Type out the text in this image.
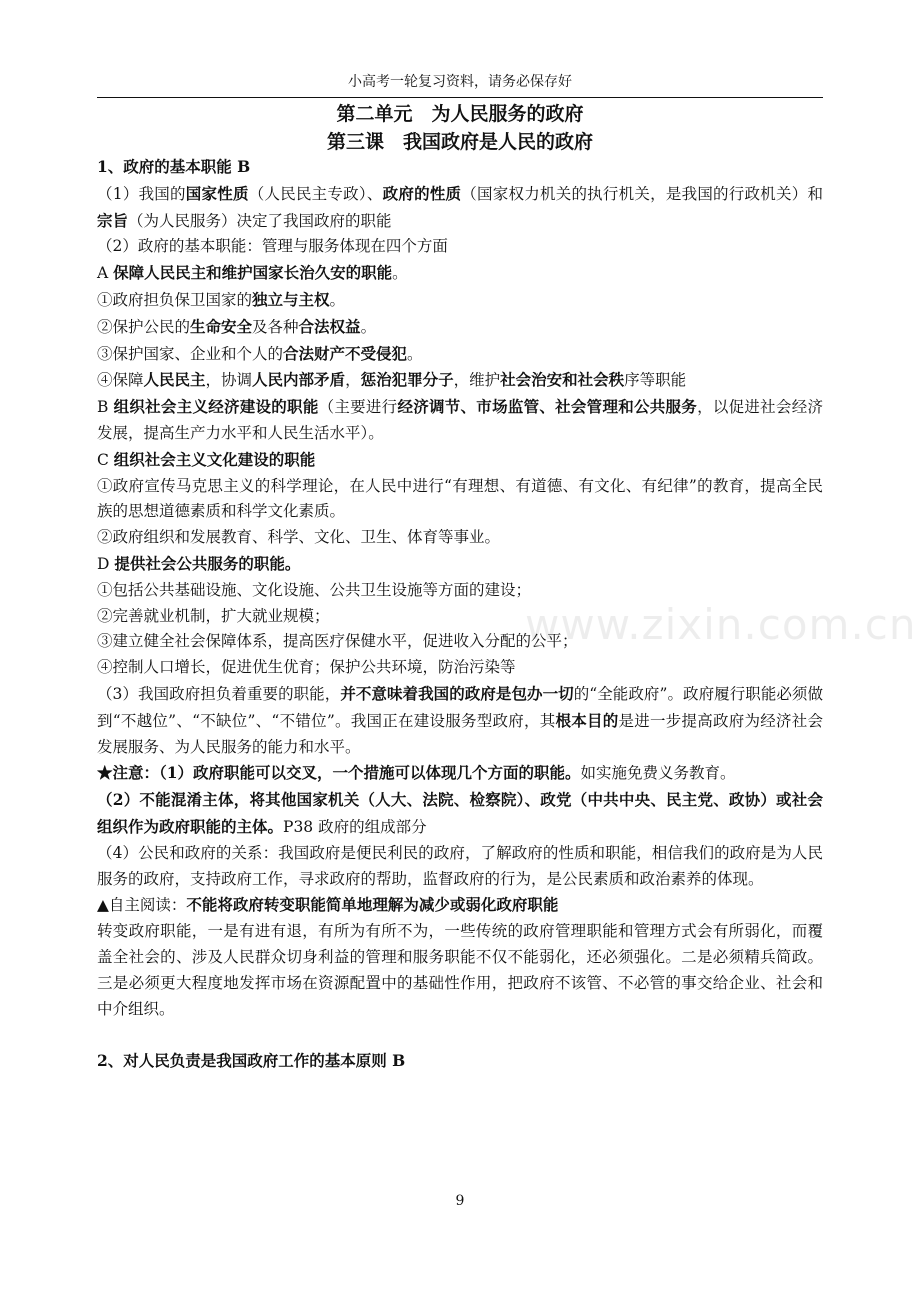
小高考一轮复习资料，请务必保存好
第二单元　为人民服务的政府
第三课　我国政府是人民的政府

1、政府的基本职能 B

（1）我国的国家性质（人民民主专政）、政府的性质（国家权力机关的执行机关，是我国的行政机关）和宗旨（为人民服务）决定了我国政府的职能

（2）政府的基本职能：管理与服务体现在四个方面

A 保障人民民主和维护国家长治久安的职能。

①政府担负保卫国家的独立与主权。

②保护公民的生命安全及各种合法权益。

③保护国家、企业和个人的合法财产不受侵犯。

④保障人民民主，协调人民内部矛盾，惩治犯罪分子，维护社会治安和社会秩序等职能

B 组织社会主义经济建设的职能（主要进行经济调节、市场监管、社会管理和公共服务，以促进社会经济发展，提高生产力水平和人民生活水平）。

C 组织社会主义文化建设的职能

①政府宣传马克思主义的科学理论，在人民中进行“有理想、有道德、有文化、有纪律”的教育，提高全民族的思想道德素质和科学文化素质。

②政府组织和发展教育、科学、文化、卫生、体育等事业。

D 提供社会公共服务的职能。

①包括公共基础设施、文化设施、公共卫生设施等方面的建设；

②完善就业机制，扩大就业规模；

③建立健全社会保障体系，提高医疗保健水平，促进收入分配的公平；

④控制人口增长，促进优生优育；保护公共环境，防治污染等

（3）我国政府担负着重要的职能，并不意味着我国的政府是包办一切的“全能政府”。政府履行职能必须做到“不越位”、“不缺位”、“不错位”。我国正在建设服务型政府，其根本目的是进一步提高政府为经济社会发展服务、为人民服务的能力和水平。

★注意：（1）政府职能可以交叉，一个措施可以体现几个方面的职能。如实施免费义务教育。

（2）不能混淆主体，将其他国家机关（人大、法院、检察院）、政党（中共中央、民主党、政协）或社会组织作为政府职能的主体。P38 政府的组成部分

（4）公民和政府的关系：我国政府是便民利民的政府，了解政府的性质和职能，相信我们的政府是为人民服务的政府，支持政府工作，寻求政府的帮助，监督政府的行为，是公民素质和政治素养的体现。

▲自主阅读：不能将政府转变职能简单地理解为减少或弱化政府职能

转变政府职能，一是有进有退，有所为有所不为，一些传统的政府管理职能和管理方式会有所弱化，而覆盖全社会的、涉及人民群众切身利益的管理和服务职能不仅不能弱化，还必须强化。二是必须精兵简政。三是必须更大程度地发挥市场在资源配置中的基础性作用，把政府不该管、不必管的事交给企业、社会和中介组织。

2、对人民负责是我国政府工作的基本原则 B

www.zixin.com.cn
9
